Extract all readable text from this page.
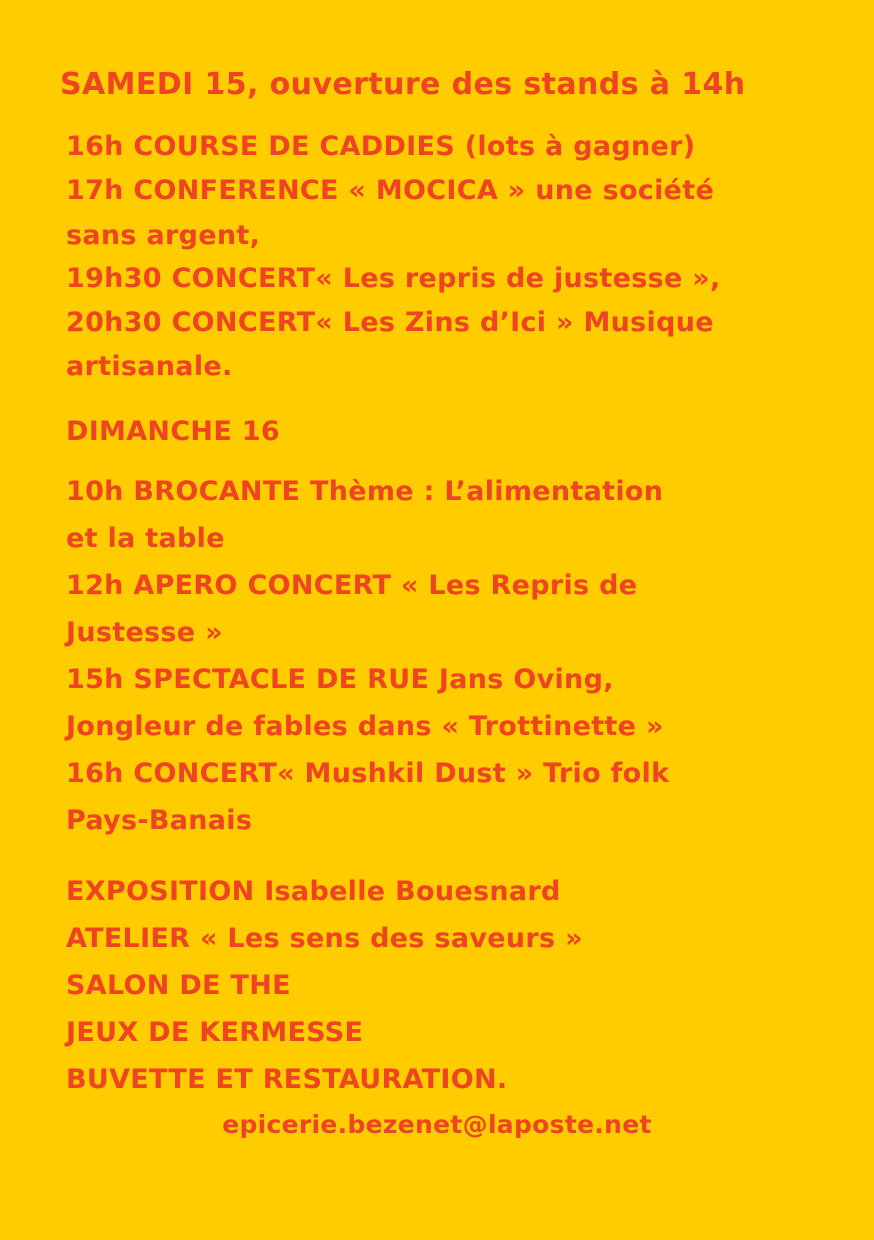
SAMEDI 15, ouverture des stands à 14h
16h COURSE DE CADDIES (lots à gagner)
17h CONFERENCE « MOCICA » une société
sans argent,
19h30 CONCERT« Les repris de justesse »,
20h30 CONCERT« Les Zins d’Ici » Musique
artisanale.
DIMANCHE 16
10h BROCANTE Thème : L’alimentation
et la table
12h APERO CONCERT « Les Repris de
Justesse »
15h SPECTACLE DE RUE Jans Oving,
Jongleur de fables dans « Trottinette »
16h CONCERT« Mushkil Dust » Trio folk
Pays-Banais
EXPOSITION Isabelle Bouesnard
ATELIER « Les sens des saveurs »
SALON DE THE
JEUX DE KERMESSE
BUVETTE ET RESTAURATION.
epicerie.bezenet@laposte.net
